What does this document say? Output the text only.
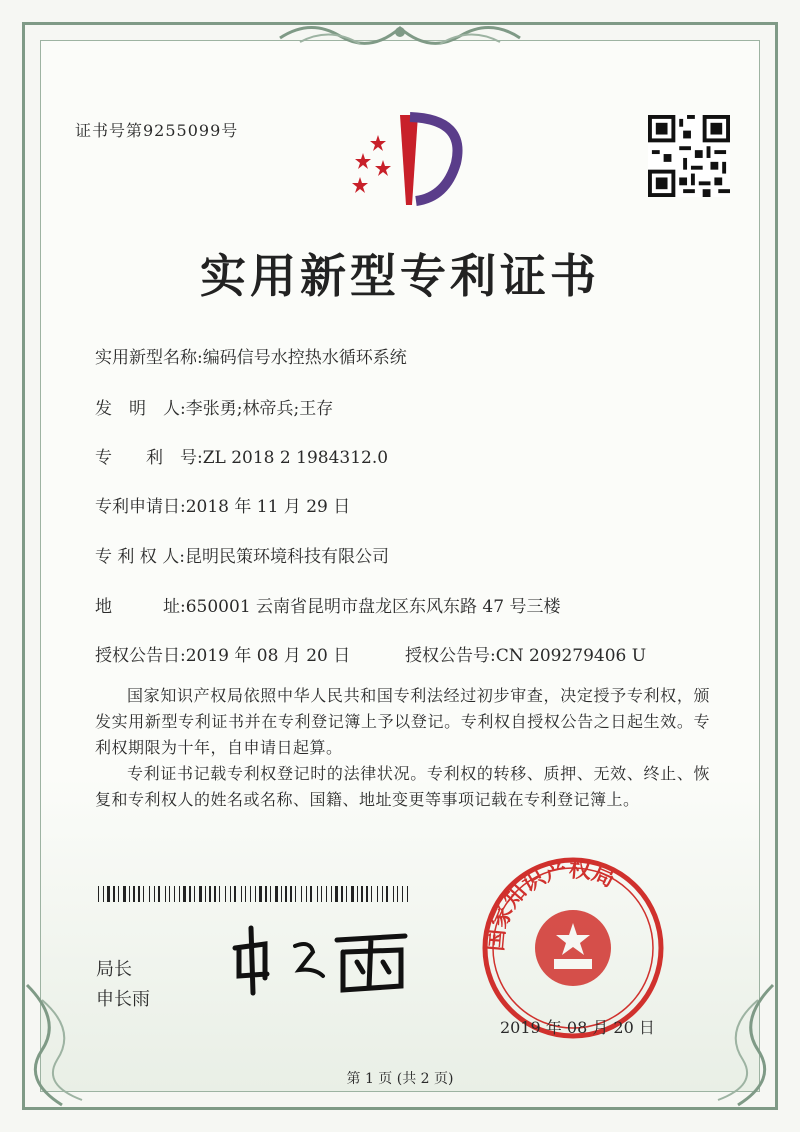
证书号第9255099号
实用新型专利证书
实用新型名称:编码信号水控热水循环系统
发　明　人:李张勇;林帝兵;王存
专　　利　号:ZL 2018 2 1984312.0
专利申请日:2018 年 11 月 29 日
专 利 权 人:昆明民策环境科技有限公司
地　　　址:650001 云南省昆明市盘龙区东风东路 47 号三楼
授权公告日:2019 年 08 月 20 日	授权公告号:CN 209279406 U
国家知识产权局依照中华人民共和国专利法经过初步审查，决定授予专利权，颁发实用新型专利证书并在专利登记簿上予以登记。专利权自授权公告之日起生效。专利权期限为十年，自申请日起算。
专利证书记载专利权登记时的法律状况。专利权的转移、质押、无效、终止、恢复和专利权人的姓名或名称、国籍、地址变更等事项记载在专利登记簿上。
局长
申长雨
国家知识产权局
2019 年 08 月 20 日
第 1 页 (共 2 页)
